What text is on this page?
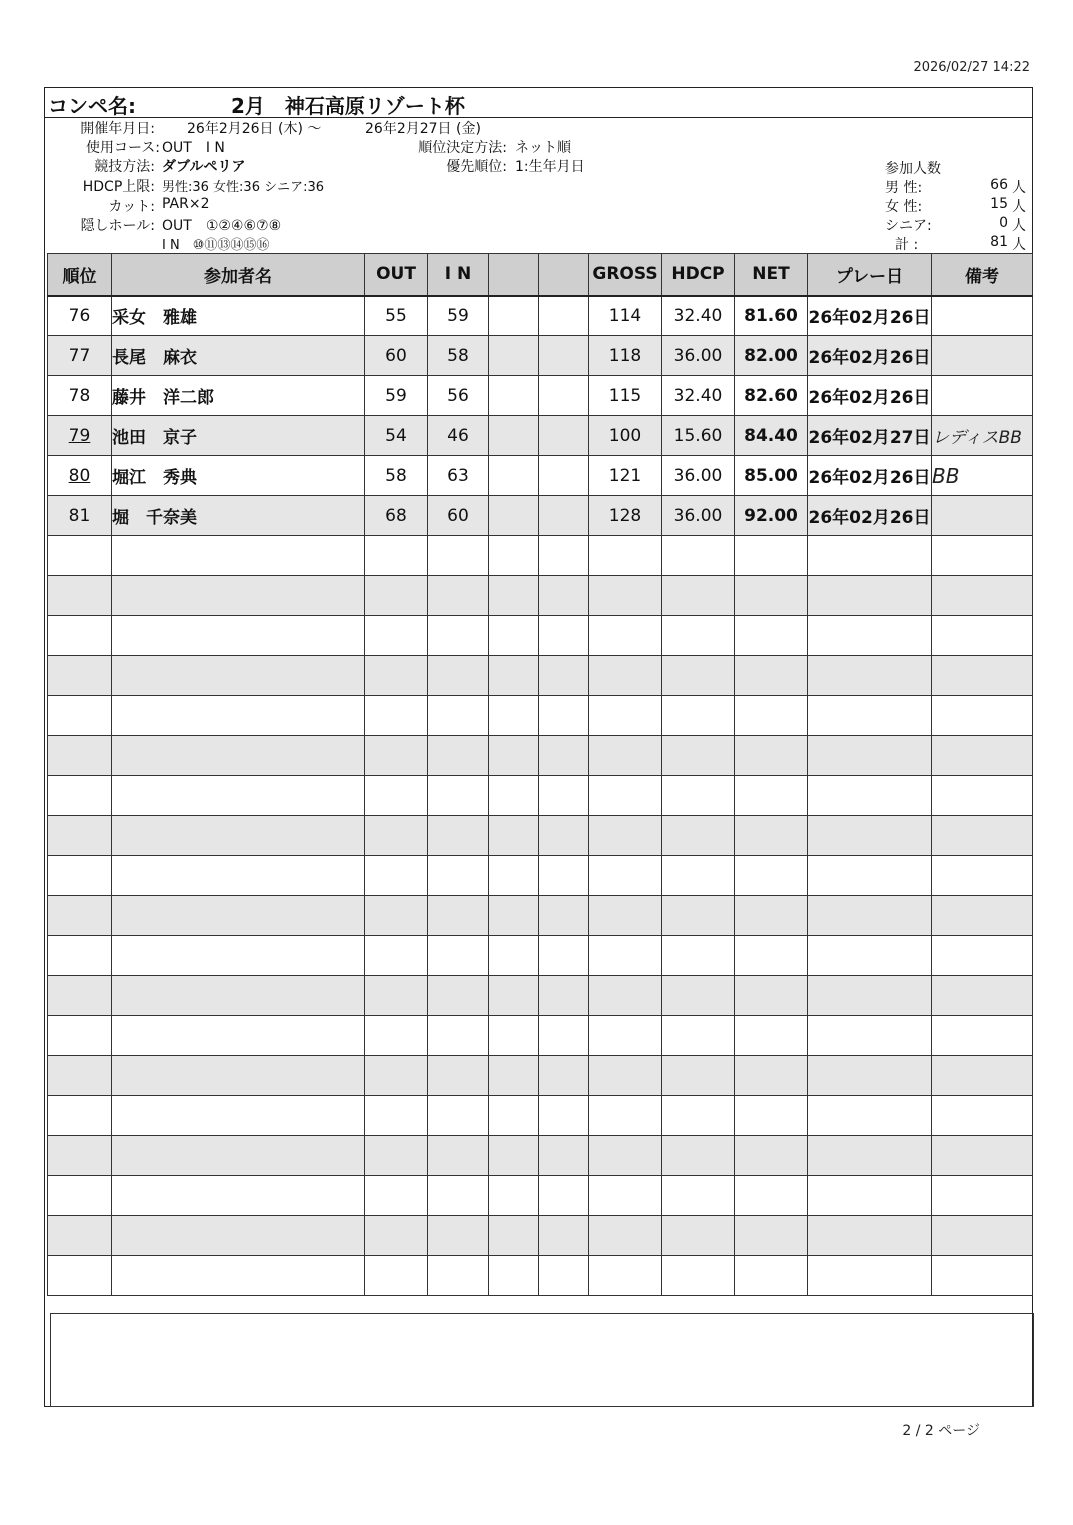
2026/02/27 14:22
コンペ名:	2月　神石高原リゾート杯
開催年月日: 26年2月26日 (木) ～	26年2月27日 (金)
使用コース: OUT　I N	順位決定方法: ネット順
競技方法: ダブルペリア	優先順位: 1:生年月日
HDCP上限: 男性:36 女性:36 シニア:36
カット: PAR×2
隠しホール: OUT　①②④⑥⑦⑧
I N　⑩⑪⑬⑭⑮⑯
参加人数
男 性:	66 人
女 性:	15 人
シニア:	0 人
計 :	81 人
順位	参加者名	OUT	I N			GROSS	HDCP	NET	プレー日	備考
76	采女　雅雄	55	59			114	32.40	81.60	26年02月26日	
77	長尾　麻衣	60	58			118	36.00	82.00	26年02月26日	
78	藤井　洋二郎	59	56			115	32.40	82.60	26年02月26日	
79	池田　京子	54	46			100	15.60	84.40	26年02月27日	レディスBB
80	堀江　秀典	58	63			121	36.00	85.00	26年02月26日	BB
81	堀　千奈美	68	60			128	36.00	92.00	26年02月26日	

2 / 2 ページ
